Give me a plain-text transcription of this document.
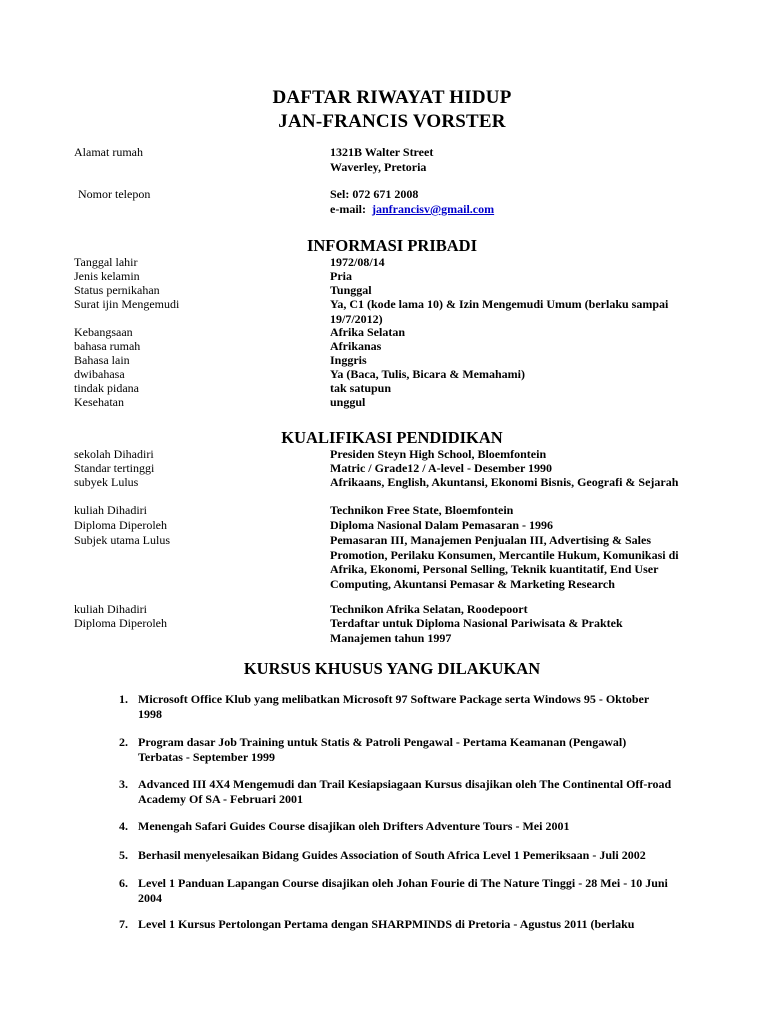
DAFTAR RIWAYAT HIDUP
JAN-FRANCIS VORSTER
Alamat rumah	1321B Walter Street
Waverley, Pretoria
Nomor telepon	Sel: 072 671 2008
e-mail: janfrancisv@gmail.com
INFORMASI PRIBADI
Tanggal lahir	1972/08/14
Jenis kelamin	Pria
Status pernikahan	Tunggal
Surat ijin Mengemudi	Ya, C1 (kode lama 10) & Izin Mengemudi Umum (berlaku sampai
19/7/2012)
Kebangsaan	Afrika Selatan
bahasa rumah	Afrikanas
Bahasa lain	Inggris
dwibahasa	Ya (Baca, Tulis, Bicara & Memahami)
tindak pidana	tak satupun
Kesehatan	unggul
KUALIFIKASI PENDIDIKAN
sekolah Dihadiri	Presiden Steyn High School, Bloemfontein
Standar tertinggi	Matric / Grade12 / A-level - Desember 1990
subyek Lulus	Afrikaans, English, Akuntansi, Ekonomi Bisnis, Geografi & Sejarah
kuliah Dihadiri	Technikon Free State, Bloemfontein
Diploma Diperoleh	Diploma Nasional Dalam Pemasaran - 1996
Subjek utama Lulus	Pemasaran III, Manajemen Penjualan III, Advertising & Sales
Promotion, Perilaku Konsumen, Mercantile Hukum, Komunikasi di
Afrika, Ekonomi, Personal Selling, Teknik kuantitatif, End User
Computing, Akuntansi Pemasar & Marketing Research
kuliah Dihadiri	Technikon Afrika Selatan, Roodepoort
Diploma Diperoleh	Terdaftar untuk Diploma Nasional Pariwisata & Praktek
Manajemen tahun 1997
KURSUS KHUSUS YANG DILAKUKAN
1. Microsoft Office Klub yang melibatkan Microsoft 97 Software Package serta Windows 95 - Oktober
1998
2. Program dasar Job Training untuk Statis & Patroli Pengawal - Pertama Keamanan (Pengawal)
Terbatas - September 1999
3. Advanced III 4X4 Mengemudi dan Trail Kesiapsiagaan Kursus disajikan oleh The Continental Off-road
Academy Of SA - Februari 2001
4. Menengah Safari Guides Course disajikan oleh Drifters Adventure Tours - Mei 2001
5. Berhasil menyelesaikan Bidang Guides Association of South Africa Level 1 Pemeriksaan - Juli 2002
6. Level 1 Panduan Lapangan Course disajikan oleh Johan Fourie di The Nature Tinggi - 28 Mei - 10 Juni
2004
7. Level 1 Kursus Pertolongan Pertama dengan SHARPMINDS di Pretoria - Agustus 2011 (berlaku
